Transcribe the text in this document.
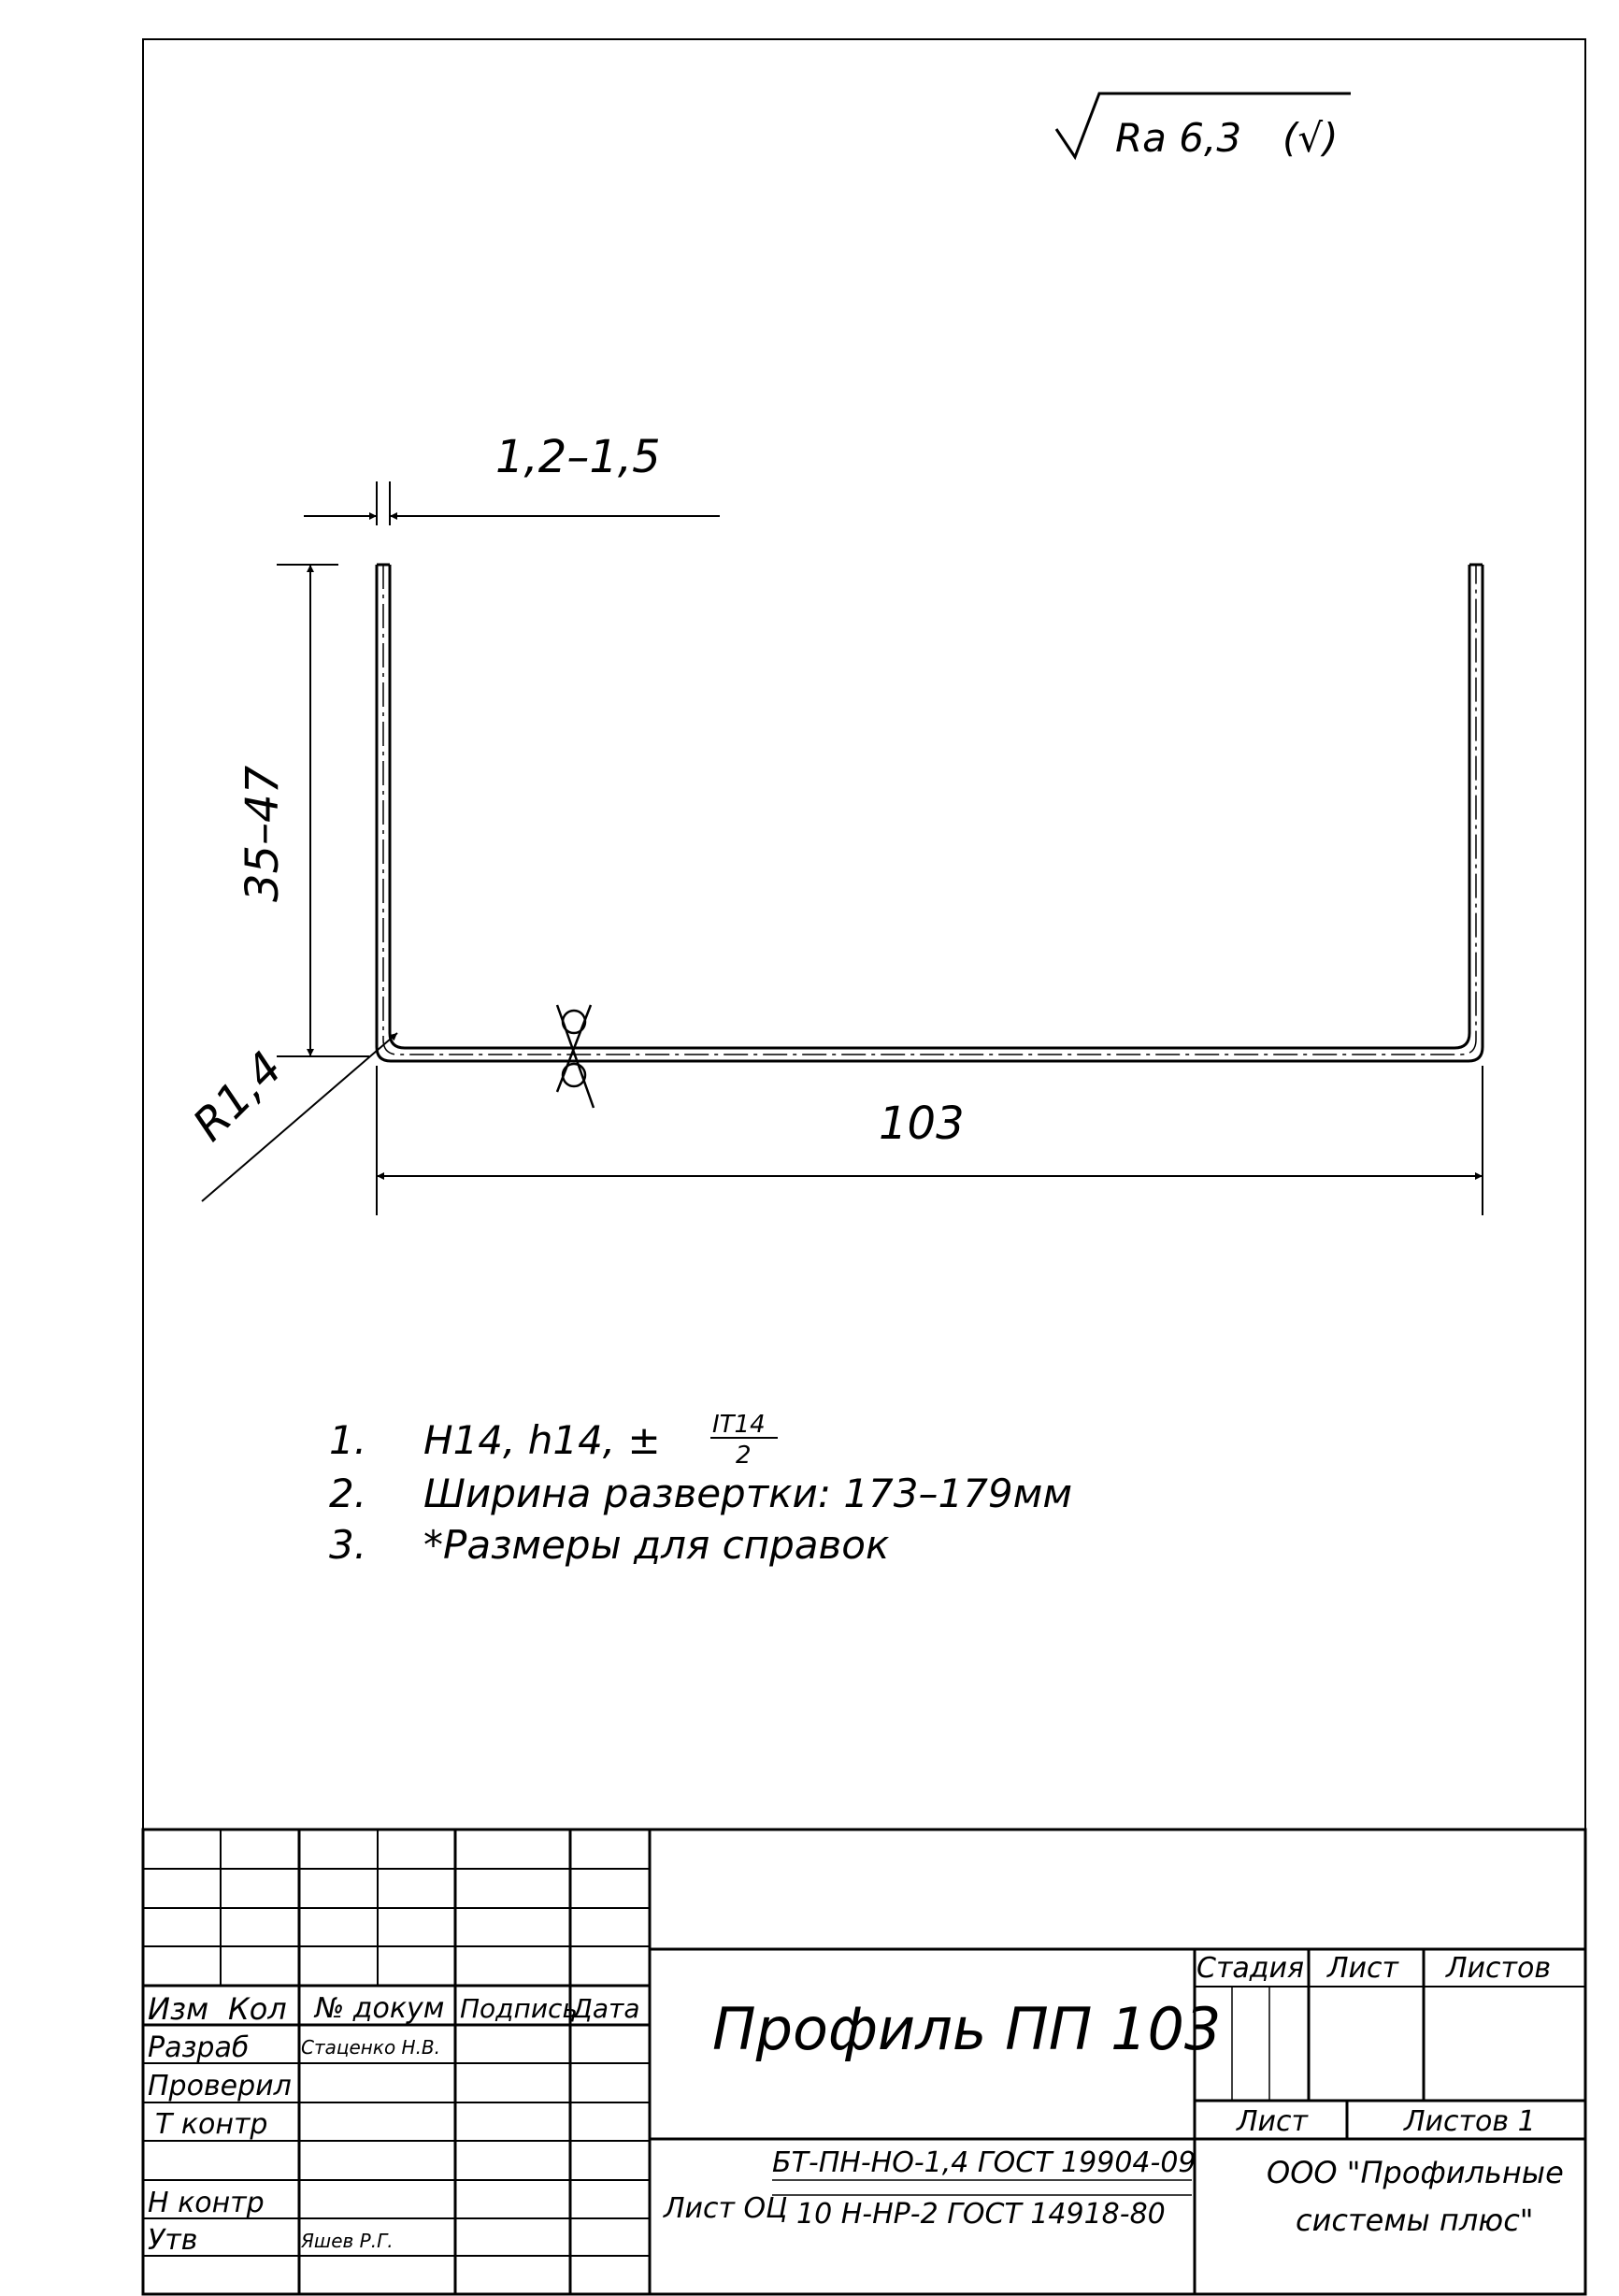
Ra 6,3 (√)
1,2–1,5
35–47
R1,4	103
1. H14, h14, ± IT14
2
2. Ширина развертки: 173–179мм
3. *Размеры для справок
Изм Кол № докум Подпись
Дата
Разраб
Проверил
Т контр
Н контр
Утв
Стаценко Н.В.
Яшев Р.Г.
Профиль ПП 103
Стадия Лист Листов
Лист	Листов 1
Лист ОЦ
БТ-ПН-НО-1,4 ГОСТ 19904-09
10 Н-НР-2 ГОСТ 14918-80
ООО "Профильные
системы плюс"
